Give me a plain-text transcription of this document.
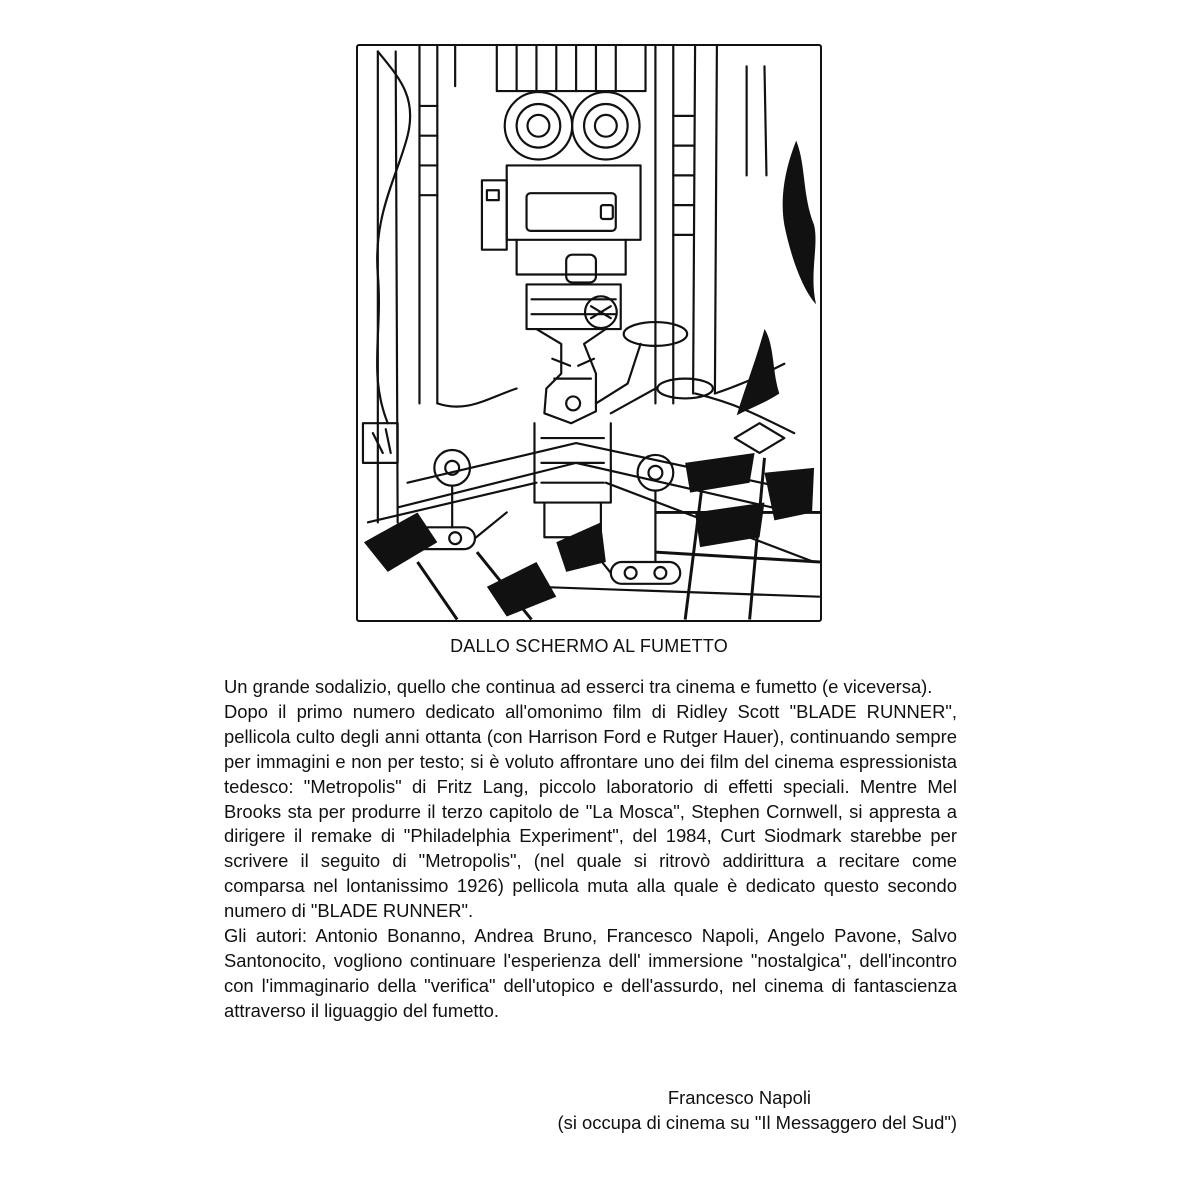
DALLO SCHERMO AL FUMETTO

Un grande sodalizio, quello che continua ad esserci tra cinema e fumetto (e viceversa).

Dopo il primo numero dedicato all'omonimo film di Ridley Scott "BLADE RUNNER", pellicola culto degli anni ottanta (con Harrison Ford e Rutger Hauer), continuando sempre per immagini e non per testo; si è voluto affrontare uno dei film del cinema espressionista tedesco: "Metropolis" di Fritz Lang, piccolo laboratorio di effetti speciali. Mentre Mel Brooks sta per produrre il terzo capitolo de "La Mosca", Stephen Cornwell, si appresta a dirigere il remake di "Philadelphia Experiment", del 1984, Curt Siodmark starebbe per scrivere il seguito di "Metropolis", (nel quale si ritrovò addirittura a recitare come comparsa nel lontanissimo 1926) pellicola muta alla quale è dedicato questo secondo numero di "BLADE RUNNER".

Gli autori: Antonio Bonanno, Andrea Bruno, Francesco Napoli, Angelo Pavone, Salvo Santonocito, vogliono continuare l'esperienza dell' immersione "nostalgica", dell'incontro con l'immaginario della "verifica" dell'utopico e dell'assurdo, nel cinema di fantascienza attraverso il liguaggio del fumetto.

Francesco Napoli
(si occupa di cinema su "Il Messaggero del Sud")
